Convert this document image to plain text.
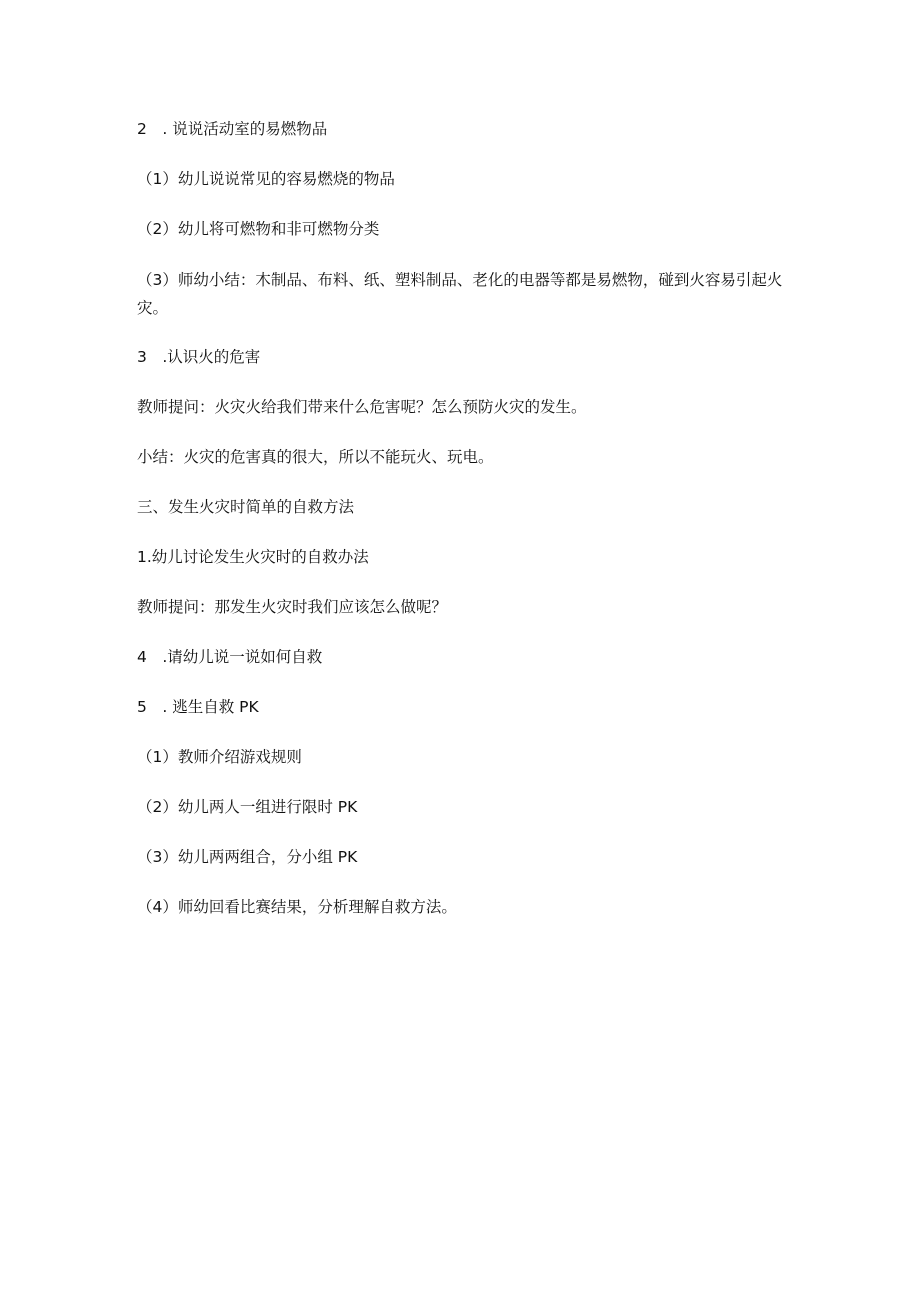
2　. 说说活动室的易燃物品

（1）幼儿说说常见的容易燃烧的物品

（2）幼儿将可燃物和非可燃物分类

（3）师幼小结：木制品、布料、纸、塑料制品、老化的电器等都是易燃物，碰到火容易引起火灾。

3　.认识火的危害

教师提问：火灾火给我们带来什么危害呢？怎么预防火灾的发生。

小结：火灾的危害真的很大，所以不能玩火、玩电。

三、发生火灾时简单的自救方法

1.幼儿讨论发生火灾时的自救办法

教师提问：那发生火灾时我们应该怎么做呢？

4　.请幼儿说一说如何自救

5　. 逃生自救 PK

（1）教师介绍游戏规则

（2）幼儿两人一组进行限时 PK

（3）幼儿两两组合，分小组 PK

（4）师幼回看比赛结果，分析理解自救方法。
